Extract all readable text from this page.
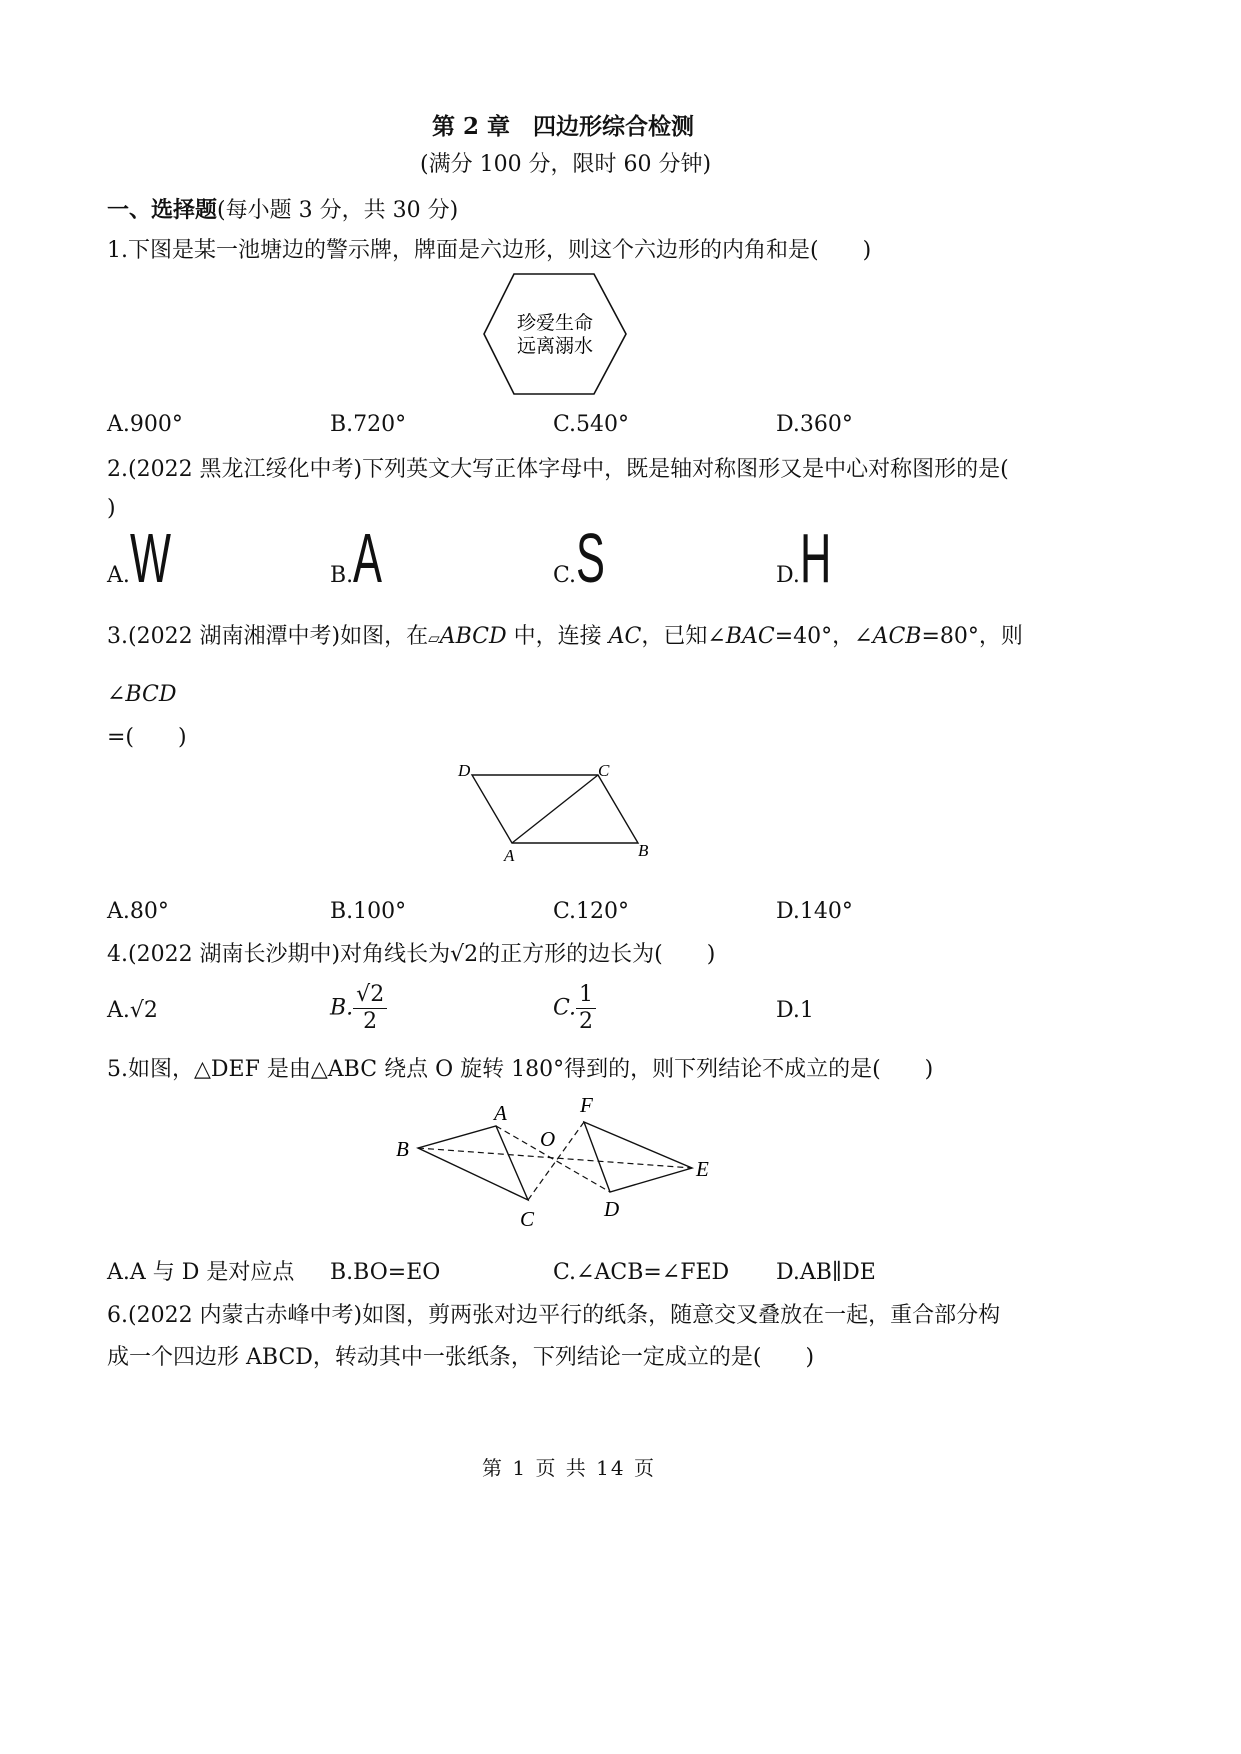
第 2 章　四边形综合检测
(满分 100 分，限时 60 分钟)
一、选择题(每小题 3 分，共 30 分)
1.下图是某一池塘边的警示牌，牌面是六边形，则这个六边形的内角和是(　　)
珍爱生命
远离溺水
A.900°	B.720°	C.540°	D.360°
2.(2022 黑龙江绥化中考)下列英文大写正体字母中，既是轴对称图形又是中心对称图形的是(
)
A.W	B.A	C.S	D.H
3.(2022 湖南湘潭中考)如图，在▱ABCD 中，连接 AC，已知∠BAC=40°，∠ACB=80°，则
∠BCD
=(　　)
D	C
A	B
A.80°	B.100°	C.120°	D.140°
4.(2022 湖南长沙期中)对角线长为√2的正方形的边长为(　　)
A.√2	B. $\frac{√2}{2}$	C. $\frac{1}{2}$	D.1
5.如图，△DEF 是由△ABC 绕点 O 旋转 180°得到的，则下列结论不成立的是(　　)
A
B
C	D
E
F
O
A.A 与 D 是对应点 B.BO=EO	C.∠ACB=∠FED D.AB∥DE
6.(2022 内蒙古赤峰中考)如图，剪两张对边平行的纸条，随意交叉叠放在一起，重合部分构
成一个四边形 ABCD，转动其中一张纸条，下列结论一定成立的是(　　)
第 1 页 共 14 页
